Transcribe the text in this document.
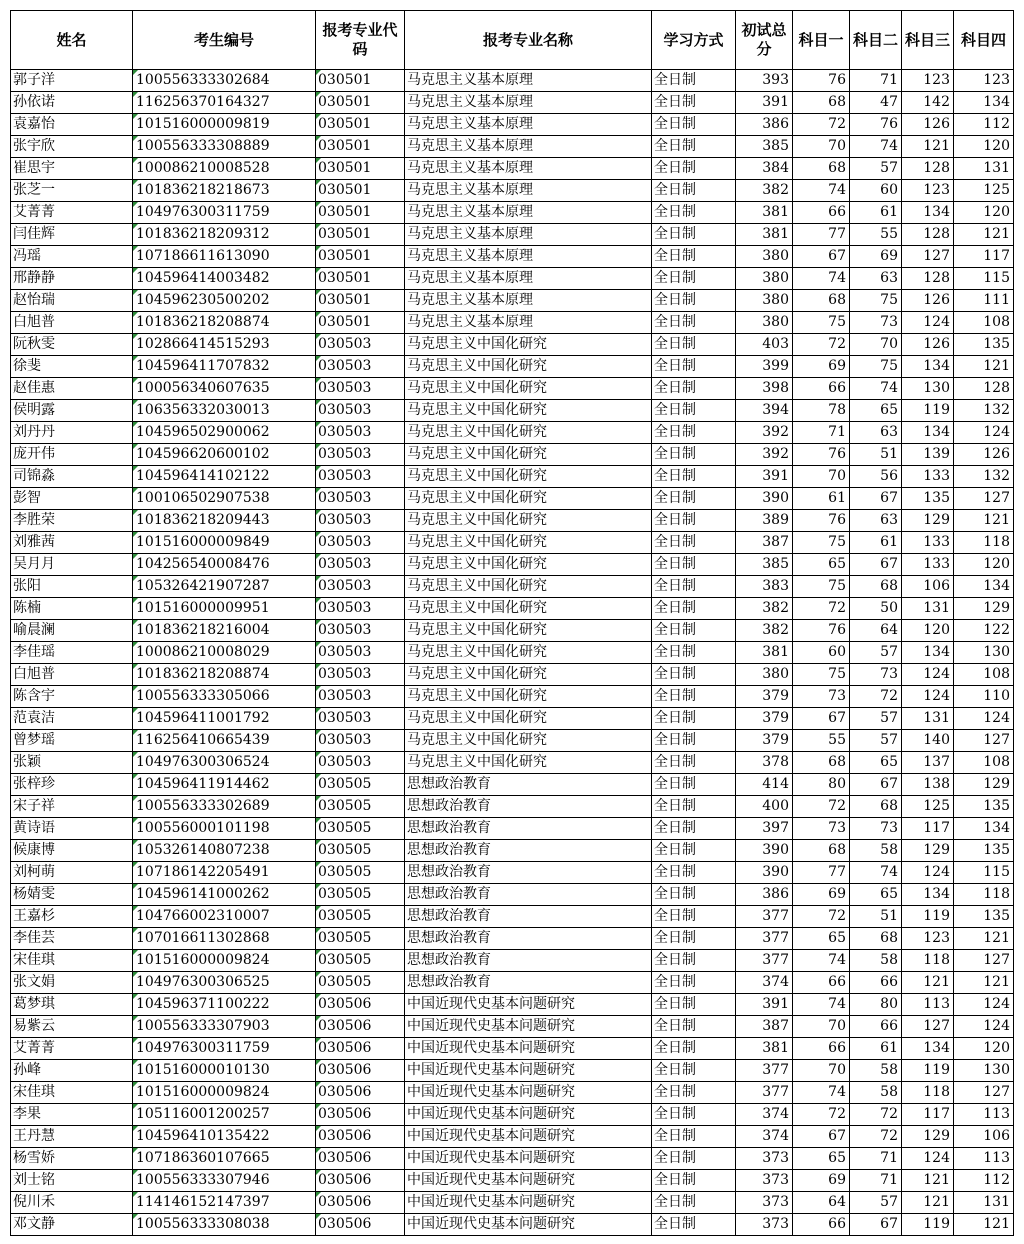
姓名	考生编号	报考专业代码	报考专业名称	学习方式	初试总分	科目一	科目二	科目三	科目四
郭子洋	100556333302684	030501	马克思主义基本原理	全日制	393	76	71	123	123
孙依诺	116256370164327	030501	马克思主义基本原理	全日制	391	68	47	142	134
袁嘉怡	101516000009819	030501	马克思主义基本原理	全日制	386	72	76	126	112
张宇欣	100556333308889	030501	马克思主义基本原理	全日制	385	70	74	121	120
崔思宇	100086210008528	030501	马克思主义基本原理	全日制	384	68	57	128	131
张芝一	101836218218673	030501	马克思主义基本原理	全日制	382	74	60	123	125
艾菁菁	104976300311759	030501	马克思主义基本原理	全日制	381	66	61	134	120
闫佳辉	101836218209312	030501	马克思主义基本原理	全日制	381	77	55	128	121
冯瑶	107186611613090	030501	马克思主义基本原理	全日制	380	67	69	127	117
邢静静	104596414003482	030501	马克思主义基本原理	全日制	380	74	63	128	115
赵怡瑞	104596230500202	030501	马克思主义基本原理	全日制	380	68	75	126	111
白旭普	101836218208874	030501	马克思主义基本原理	全日制	380	75	73	124	108
阮秋雯	102866414515293	030503	马克思主义中国化研究	全日制	403	72	70	126	135
徐斐	104596411707832	030503	马克思主义中国化研究	全日制	399	69	75	134	121
赵佳惠	100056340607635	030503	马克思主义中国化研究	全日制	398	66	74	130	128
侯明露	106356332030013	030503	马克思主义中国化研究	全日制	394	78	65	119	132
刘丹丹	104596502900062	030503	马克思主义中国化研究	全日制	392	71	63	134	124
庞开伟	104596620600102	030503	马克思主义中国化研究	全日制	392	76	51	139	126
司锦淼	104596414102122	030503	马克思主义中国化研究	全日制	391	70	56	133	132
彭智	100106502907538	030503	马克思主义中国化研究	全日制	390	61	67	135	127
李胜荣	101836218209443	030503	马克思主义中国化研究	全日制	389	76	63	129	121
刘雅茜	101516000009849	030503	马克思主义中国化研究	全日制	387	75	61	133	118
吴月月	104256540008476	030503	马克思主义中国化研究	全日制	385	65	67	133	120
张阳	105326421907287	030503	马克思主义中国化研究	全日制	383	75	68	106	134
陈楠	101516000009951	030503	马克思主义中国化研究	全日制	382	72	50	131	129
喻晨澜	101836218216004	030503	马克思主义中国化研究	全日制	382	76	64	120	122
李佳瑶	100086210008029	030503	马克思主义中国化研究	全日制	381	60	57	134	130
白旭普	101836218208874	030503	马克思主义中国化研究	全日制	380	75	73	124	108
陈含宇	100556333305066	030503	马克思主义中国化研究	全日制	379	73	72	124	110
范袁洁	104596411001792	030503	马克思主义中国化研究	全日制	379	67	57	131	124
曾梦瑶	116256410665439	030503	马克思主义中国化研究	全日制	379	55	57	140	127
张颖	104976300306524	030503	马克思主义中国化研究	全日制	378	68	65	137	108
张梓珍	104596411914462	030505	思想政治教育	全日制	414	80	67	138	129
宋子祥	100556333302689	030505	思想政治教育	全日制	400	72	68	125	135
黄诗语	100556000101198	030505	思想政治教育	全日制	397	73	73	117	134
候康博	105326140807238	030505	思想政治教育	全日制	390	68	58	129	135
刘柯萌	107186142205491	030505	思想政治教育	全日制	390	77	74	124	115
杨婧雯	104596141000262	030505	思想政治教育	全日制	386	69	65	134	118
王嘉杉	104766002310007	030505	思想政治教育	全日制	377	72	51	119	135
李佳芸	107016611302868	030505	思想政治教育	全日制	377	65	68	123	121
宋佳琪	101516000009824	030505	思想政治教育	全日制	377	74	58	118	127
张文娟	104976300306525	030505	思想政治教育	全日制	374	66	66	121	121
葛梦琪	104596371100222	030506	中国近现代史基本问题研究	全日制	391	74	80	113	124
易紫云	100556333307903	030506	中国近现代史基本问题研究	全日制	387	70	66	127	124
艾菁菁	104976300311759	030506	中国近现代史基本问题研究	全日制	381	66	61	134	120
孙峰	101516000010130	030506	中国近现代史基本问题研究	全日制	377	70	58	119	130
宋佳琪	101516000009824	030506	中国近现代史基本问题研究	全日制	377	74	58	118	127
李果	105116001200257	030506	中国近现代史基本问题研究	全日制	374	72	72	117	113
王丹慧	104596410135422	030506	中国近现代史基本问题研究	全日制	374	67	72	129	106
杨雪娇	107186360107665	030506	中国近现代史基本问题研究	全日制	373	65	71	124	113
刘士铭	100556333307946	030506	中国近现代史基本问题研究	全日制	373	69	71	121	112
倪川禾	114146152147397	030506	中国近现代史基本问题研究	全日制	373	64	57	121	131
邓文静	100556333308038	030506	中国近现代史基本问题研究	全日制	373	66	67	119	121
